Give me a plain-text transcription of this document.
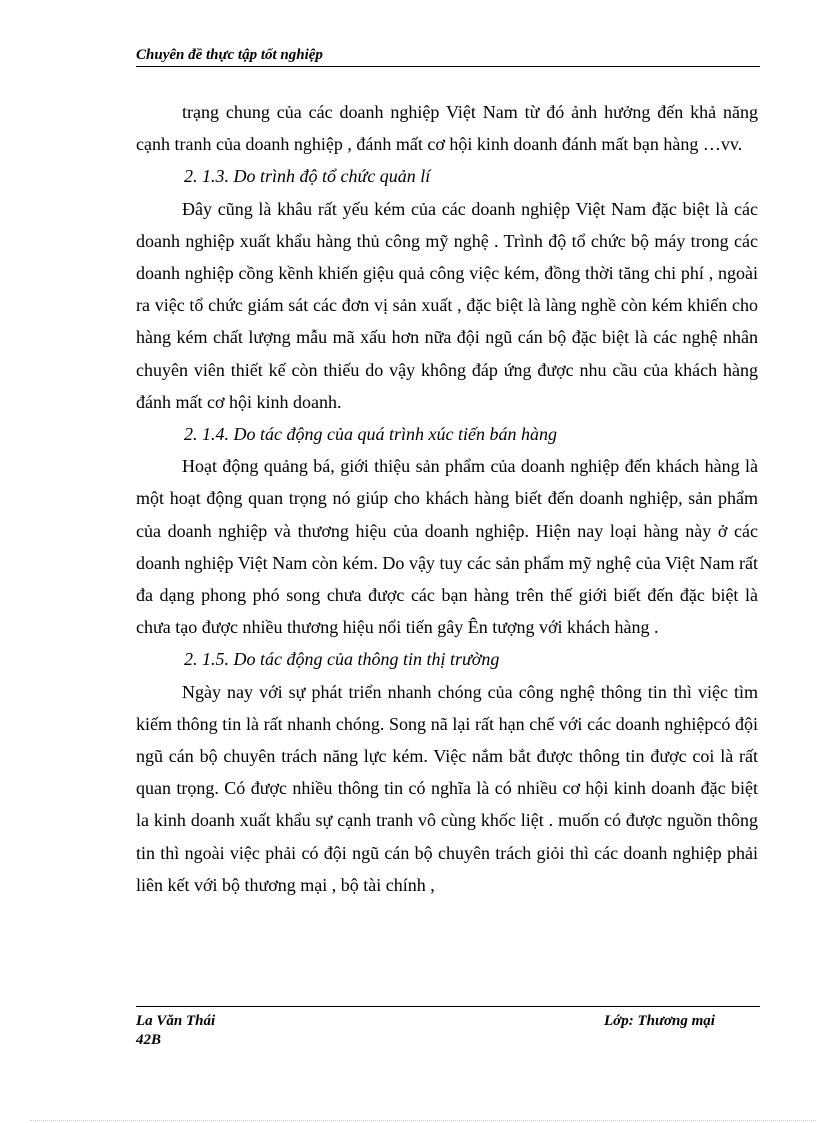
Chuyên đề thực tập tốt nghiệp

trạng chung của các doanh nghiệp Việt Nam từ đó ảnh hưởng đến khả năng cạnh tranh của doanh nghiệp , đánh mất cơ hội kinh doanh đánh mất bạn hàng …vv.

2. 1.3. Do trình độ tổ chức quản lí

Đây cũng là khâu rất yếu kém của các doanh nghiệp Việt Nam đặc biệt là các doanh nghiệp xuất khẩu hàng thủ công mỹ nghệ . Trình độ tổ chức bộ máy trong các doanh nghiệp cồng kềnh khiến giệu quả công việc kém, đồng thời tăng chi phí , ngoài ra việc tổ chức giám sát các đơn vị sản xuất , đặc biệt là làng nghề còn kém khiến cho hàng kém chất lượng mẫu mã xấu hơn nữa đội ngũ cán bộ đặc biệt là các nghệ nhân chuyên viên thiết kế còn thiếu do vậy không đáp ứng được nhu cầu của khách hàng đánh mất cơ hội kinh doanh.

2. 1.4. Do tác động của quá trình xúc tiến bán hàng

Hoạt động quảng bá, giới thiệu sản phẩm của doanh nghiệp đến khách hàng là một hoạt động quan trọng nó giúp cho khách hàng biết đến doanh nghiệp, sản phẩm của doanh nghiệp và thương hiệu của doanh nghiệp. Hiện nay loại hàng này ở các doanh nghiệp Việt Nam còn kém. Do vậy tuy các sản phẩm mỹ nghệ của Việt Nam rất đa dạng phong phó song chưa được các bạn hàng trên thế giới biết đến đặc biệt là chưa tạo được nhiều thương hiệu nổi tiến gây Ên tượng với khách hàng .

2. 1.5. Do tác động của thông tin thị trường

Ngày nay với sự phát triển nhanh chóng của công nghệ thông tin thì việc tìm kiếm thông tin là rất nhanh chóng. Song nã lại rất hạn chế với các doanh nghiệpcó đội ngũ cán bộ chuyên trách năng lực kém. Việc nắm bắt được thông tin được coi là rất quan trọng. Có được nhiều thông tin có nghĩa là có nhiều cơ hội kinh doanh đặc biệt la kinh doanh xuất khẩu sự cạnh tranh vô cùng khốc liệt . muốn có được nguồn thông tin thì ngoài việc phải có đội ngũ cán bộ chuyên trách giỏi thì các doanh nghiệp phải liên kết với bộ thương mại , bộ tài chính ,

La Văn Thái
42B
Lớp: Thương mại
